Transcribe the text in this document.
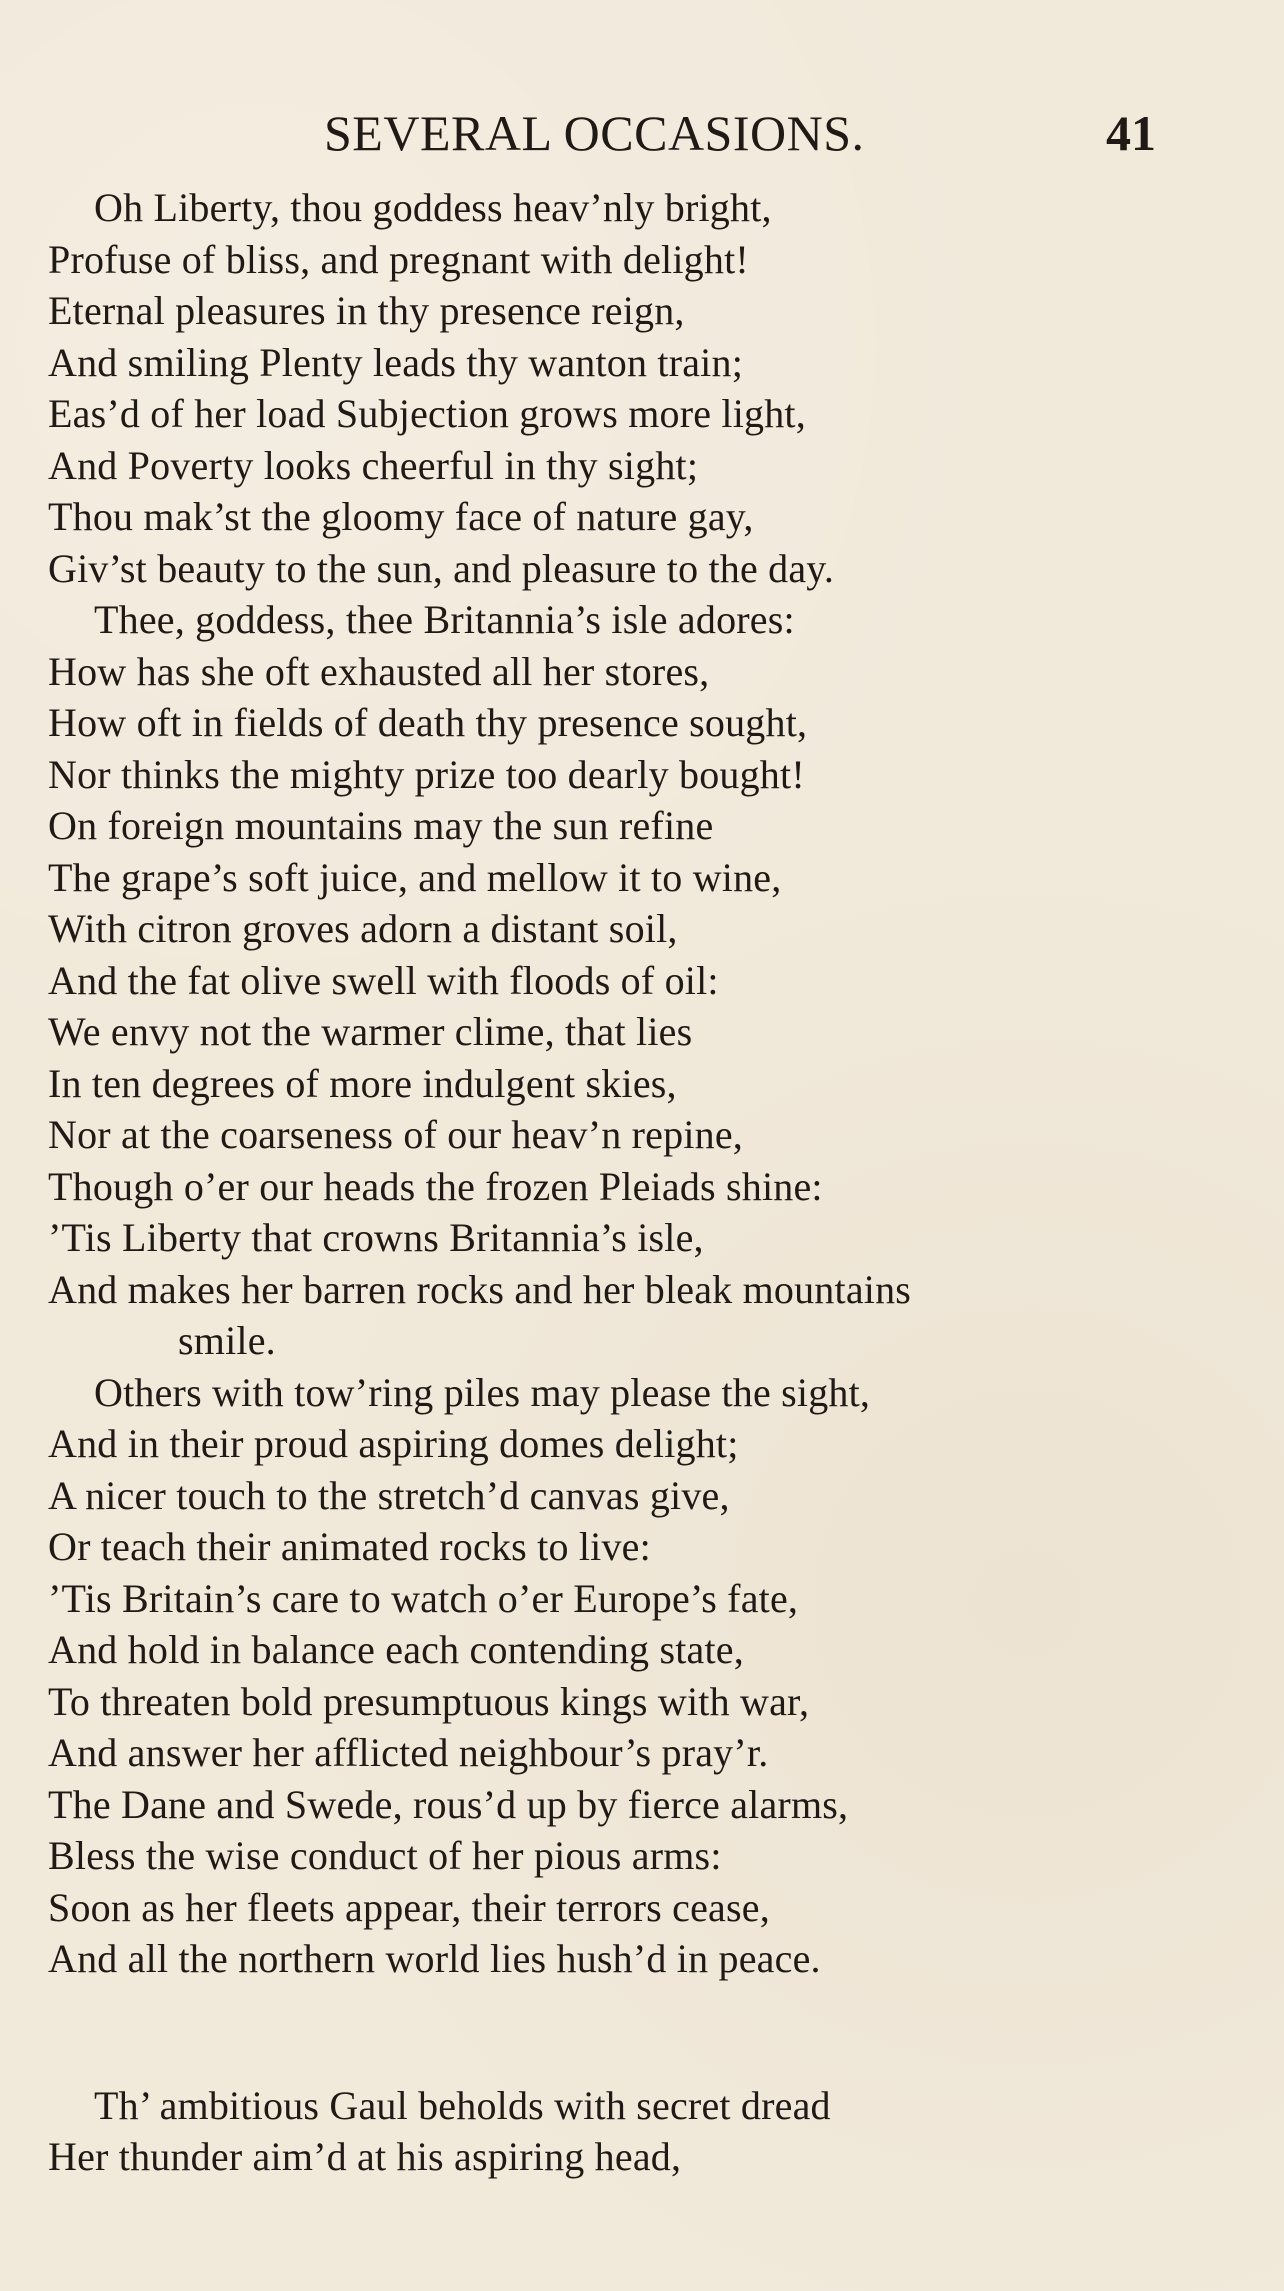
SEVERAL OCCASIONS.	41
Oh Liberty, thou goddess heav’nly bright,
Profuse of bliss, and pregnant with delight!
Eternal pleasures in thy presence reign,
And smiling Plenty leads thy wanton train;
Eas’d of her load Subjection grows more light,
And Poverty looks cheerful in thy sight;
Thou mak’st the gloomy face of nature gay,
Giv’st beauty to the sun, and pleasure to the day.
Thee, goddess, thee Britannia’s isle adores:
How has she oft exhausted all her stores,
How oft in fields of death thy presence sought,
Nor thinks the mighty prize too dearly bought!
On foreign mountains may the sun refine
The grape’s soft juice, and mellow it to wine,
With citron groves adorn a distant soil,
And the fat olive swell with floods of oil:
We envy not the warmer clime, that lies
In ten degrees of more indulgent skies,
Nor at the coarseness of our heav’n repine,
Though o’er our heads the frozen Pleiads shine:
’Tis Liberty that crowns Britannia’s isle,
And makes her barren rocks and her bleak mountains
smile.
Others with tow’ring piles may please the sight,
And in their proud aspiring domes delight;
A nicer touch to the stretch’d canvas give,
Or teach their animated rocks to live:
’Tis Britain’s care to watch o’er Europe’s fate,
And hold in balance each contending state,
To threaten bold presumptuous kings with war,
And answer her afflicted neighbour’s pray’r.
The Dane and Swede, rous’d up by fierce alarms,
Bless the wise conduct of her pious arms:
Soon as her fleets appear, their terrors cease,
And all the northern world lies hush’d in peace.
Th’ ambitious Gaul beholds with secret dread
Her thunder aim’d at his aspiring head,
